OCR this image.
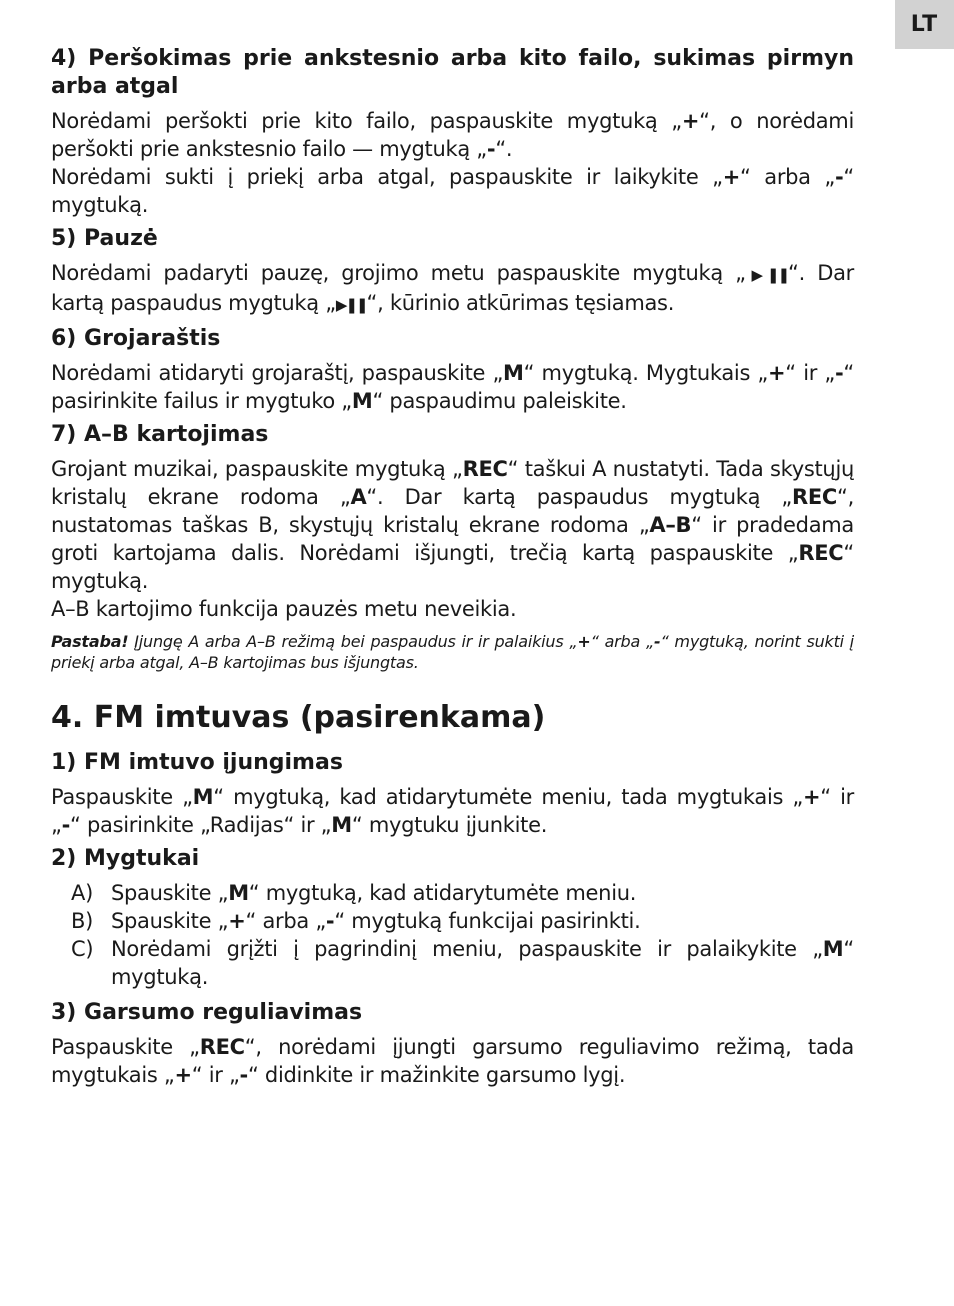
LT
4) Peršokimas prie ankstesnio arba kito failo, sukimas pirmyn arba atgal

Norėdami peršokti prie kito failo, paspauskite mygtuką „+“, o norėdami peršokti prie ankstesnio failo — mygtuką „-“.
Norėdami sukti į priekį arba atgal, paspauskite ir laikykite „+“ arba „-“ mygtuką.

5) Pauzė

Norėdami padaryti pauzę, grojimo metu paspauskite mygtuką „▶❚❚“. Dar kartą paspaudus mygtuką „▶❚❚“, kūrinio atkūrimas tęsiamas.

6) Grojaraštis

Norėdami atidaryti grojaraštį, paspauskite „M“ mygtuką. Mygtukais „+“ ir „-“ pasirinkite failus ir mygtuko „M“ paspaudimu paleiskite.

7) A–B kartojimas

Grojant muzikai, paspauskite mygtuką „REC“ taškui A nustatyti. Tada skystųjų kristalų ekrane rodoma „A“. Dar kartą paspaudus mygtuką „REC“, nustatomas taškas B, skystųjų kristalų ekrane rodoma „A–B“ ir pradedama groti kartojama dalis. Norėdami išjungti, trečią kartą paspauskite „REC“ mygtuką.
A–B kartojimo funkcija pauzės metu neveikia.

Pastaba! Įjungę A arba A–B režimą bei paspaudus ir ir palaikius „+“ arba „-“ mygtuką, norint sukti į priekį arba atgal, A–B kartojimas bus išjungtas.

4. FM imtuvas (pasirenkama)
1) FM imtuvo įjungimas

Paspauskite „M“ mygtuką, kad atidarytumėte meniu, tada mygtukais „+“ ir „-“ pasirinkite „Radijas“ ir „M“ mygtuku įjunkite.

2) Mygtukai
A) Spauskite „M“ mygtuką, kad atidarytumėte meniu.
B) Spauskite „+“ arba „-“ mygtuką funkcijai pasirinkti.
C) Norėdami grįžti į pagrindinį meniu, paspauskite ir palaikykite „M“ mygtuką.
3) Garsumo reguliavimas

Paspauskite „REC“, norėdami įjungti garsumo reguliavimo režimą, tada mygtukais „+“ ir „-“ didinkite ir mažinkite garsumo lygį.
